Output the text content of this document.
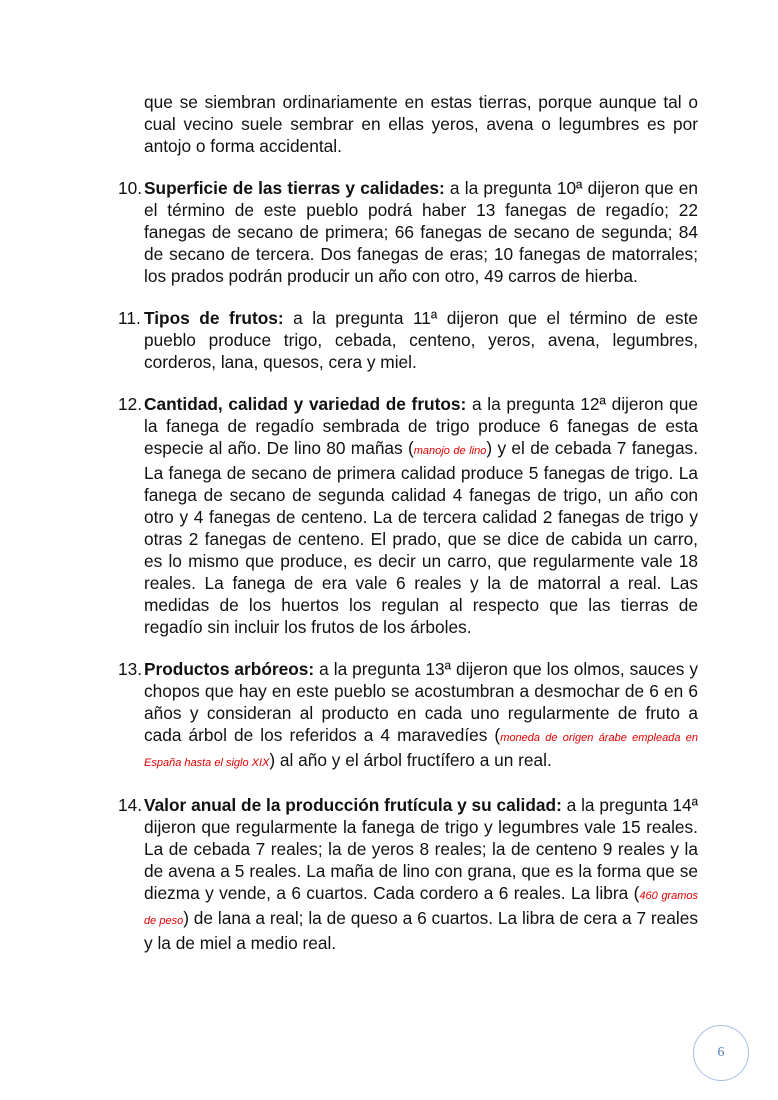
que se siembran ordinariamente en estas tierras, porque aunque tal o cual vecino suele sembrar en ellas yeros, avena o legumbres es por antojo o forma accidental.

10. Superficie de las tierras y calidades: a la pregunta 10ª dijeron que en el término de este pueblo podrá haber 13 fanegas de regadío; 22 fanegas de secano de primera; 66 fanegas de secano de segunda; 84 de secano de tercera. Dos fanegas de eras; 10 fanegas de matorrales; los prados podrán producir un año con otro, 49 carros de hierba.

11. Tipos de frutos: a la pregunta 11ª dijeron que el término de este pueblo produce trigo, cebada, centeno, yeros, avena, legumbres, corderos, lana, quesos, cera y miel.

12. Cantidad, calidad y variedad de frutos: a la pregunta 12ª dijeron que la fanega de regadío sembrada de trigo produce 6 fanegas de esta especie al año. De lino 80 mañas (manojo de lino) y el de cebada 7 fanegas. La fanega de secano de primera calidad produce 5 fanegas de trigo. La fanega de secano de segunda calidad 4 fanegas de trigo, un año con otro y 4 fanegas de centeno. La de tercera calidad 2 fanegas de trigo y otras 2 fanegas de centeno. El prado, que se dice de cabida un carro, es lo mismo que produce, es decir un carro, que regularmente vale 18 reales. La fanega de era vale 6 reales y la de matorral a real. Las medidas de los huertos los regulan al respecto que las tierras de regadío sin incluir los frutos de los árboles.

13. Productos arbóreos: a la pregunta 13ª dijeron que los olmos, sauces y chopos que hay en este pueblo se acostumbran a desmochar de 6 en 6 años y consideran al producto en cada uno regularmente de fruto a cada árbol de los referidos a 4 maravedíes (moneda de origen árabe empleada en España hasta el siglo XIX) al año y el árbol fructífero a un real.

14. Valor anual de la producción frutícula y su calidad: a la pregunta 14ª dijeron que regularmente la fanega de trigo y legumbres vale 15 reales. La de cebada 7 reales; la de yeros 8 reales; la de centeno 9 reales y la de avena a 5 reales. La maña de lino con grana, que es la forma que se diezma y vende, a 6 cuartos. Cada cordero a 6 reales. La libra (460 gramos de peso) de lana a real; la de queso a 6 cuartos. La libra de cera a 7 reales y la de miel a medio real.

6
